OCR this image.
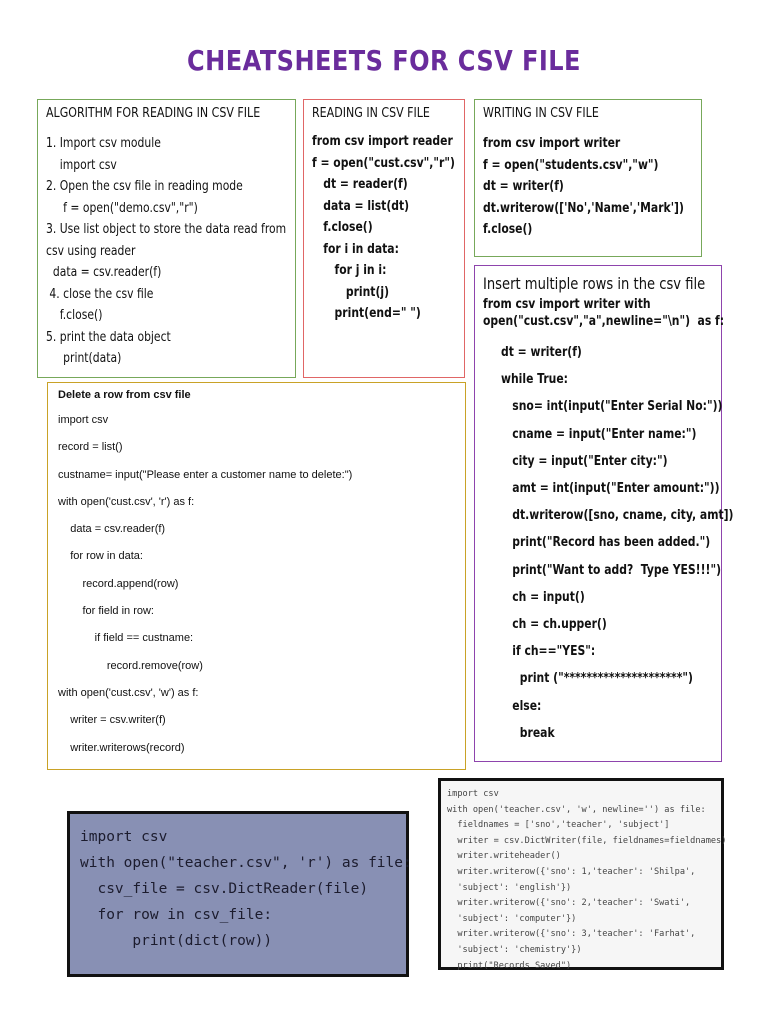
CHEATSHEETS FOR CSV FILE
ALGORITHM FOR READING IN CSV FILE
1. Import csv module
import csv
2. Open the csv file in reading mode
f = open("demo.csv","r")
3. Use list object to store the data read from
csv using reader
data = csv.reader(f)
4. close the csv file
f.close()
5. print the data object
print(data)
READING IN CSV FILE
from csv import reader
f = open("cust.csv","r")
dt = reader(f)
data = list(dt)
f.close()
for i in data:
for j in i:
print(j)
print(end=" ")
WRITING IN CSV FILE
from csv import writer
f = open("students.csv","w")
dt = writer(f)
dt.writerow(['No','Name','Mark'])
f.close()
Insert multiple rows in the csv file
from csv import writer with
open("cust.csv","a",newline="\n")  as f:
dt = writer(f)
while True:
sno= int(input("Enter Serial No:"))
cname = input("Enter name:")
city = input("Enter city:")
amt = int(input("Enter amount:"))
dt.writerow([sno, cname, city, amt])
print("Record has been added.")
print("Want to add?  Type YES!!!")
ch = input()
ch = ch.upper()
if ch=="YES":
print ("*********************")
else:
break
Delete a row from csv file
import csv
record = list()
custname= input("Please enter a customer name to delete:")
with open('cust.csv', 'r') as f:
data = csv.reader(f)
for row in data:
record.append(row)
for field in row:
if field == custname:
record.remove(row)
with open('cust.csv', 'w') as f:
writer = csv.writer(f)
writer.writerows(record)
import csv
with open("teacher.csv", 'r') as file:
csv_file = csv.DictReader(file)
for row in csv_file:
print(dict(row))
import csv
with open('teacher.csv', 'w', newline='') as file:
fieldnames = ['sno','teacher', 'subject']
writer = csv.DictWriter(file, fieldnames=fieldnames)
writer.writeheader()
writer.writerow({'sno': 1,'teacher': 'Shilpa',
'subject': 'english'})
writer.writerow({'sno': 2,'teacher': 'Swati',
'subject': 'computer'})
writer.writerow({'sno': 3,'teacher': 'Farhat',
'subject': 'chemistry'})
print("Records Saved")
